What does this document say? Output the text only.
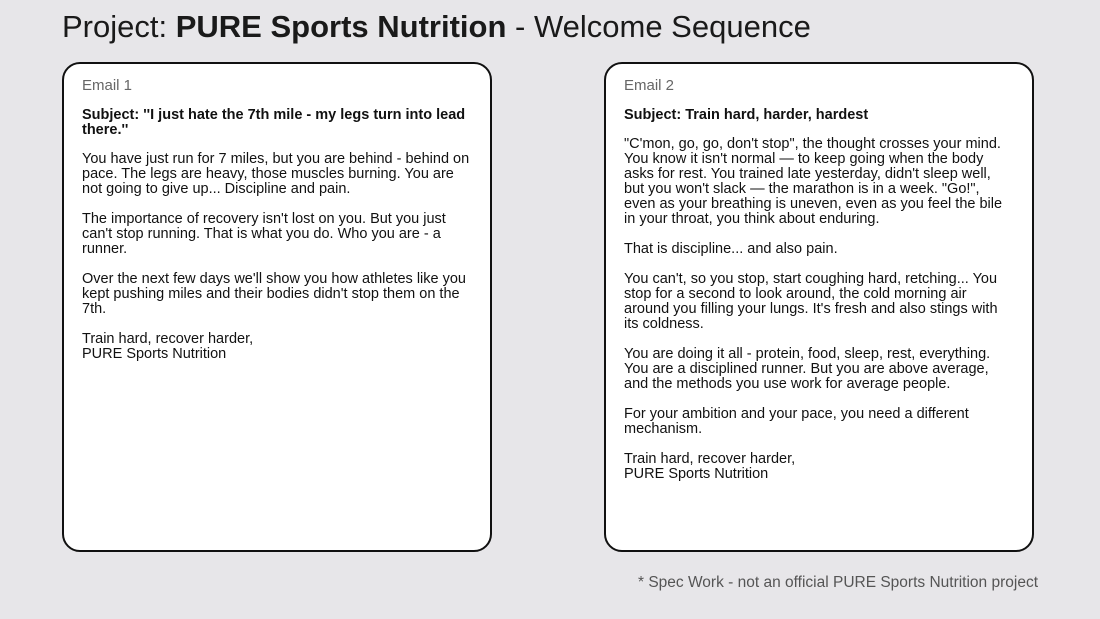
Project: PURE Sports Nutrition - Welcome Sequence
Email 1

Subject: ''I just hate the 7th mile - my legs turn into lead there.''

You have just run for 7 miles, but you are behind - behind on pace. The legs are heavy, those muscles burning. You are not going to give up... Discipline and pain.

The importance of recovery isn't lost on you. But you just can't stop running. That is what you do. Who you are - a runner.

Over the next few days we'll show you how athletes like you kept pushing miles and their bodies didn't stop them on the 7th.

Train hard, recover harder,
PURE Sports Nutrition

Email 2

Subject: Train hard, harder, hardest

"C'mon, go, go, don't stop", the thought crosses your mind. You know it isn't normal — to keep going when the body asks for rest. You trained late yesterday, didn't sleep well, but you won't slack — the marathon is in a week. "Go!", even as your breathing is uneven, even as you feel the bile in your throat, you think about enduring.

That is discipline... and also pain.

You can't, so you stop, start coughing hard, retching... You stop for a second to look around, the cold morning air around you filling your lungs. It's fresh and also stings with its coldness.

You are doing it all - protein, food, sleep, rest, everything. You are a disciplined runner. But you are above average, and the methods you use work for average people.

For your ambition and your pace, you need a different mechanism.

Train hard, recover harder,
PURE Sports Nutrition

* Spec Work - not an official PURE Sports Nutrition project
